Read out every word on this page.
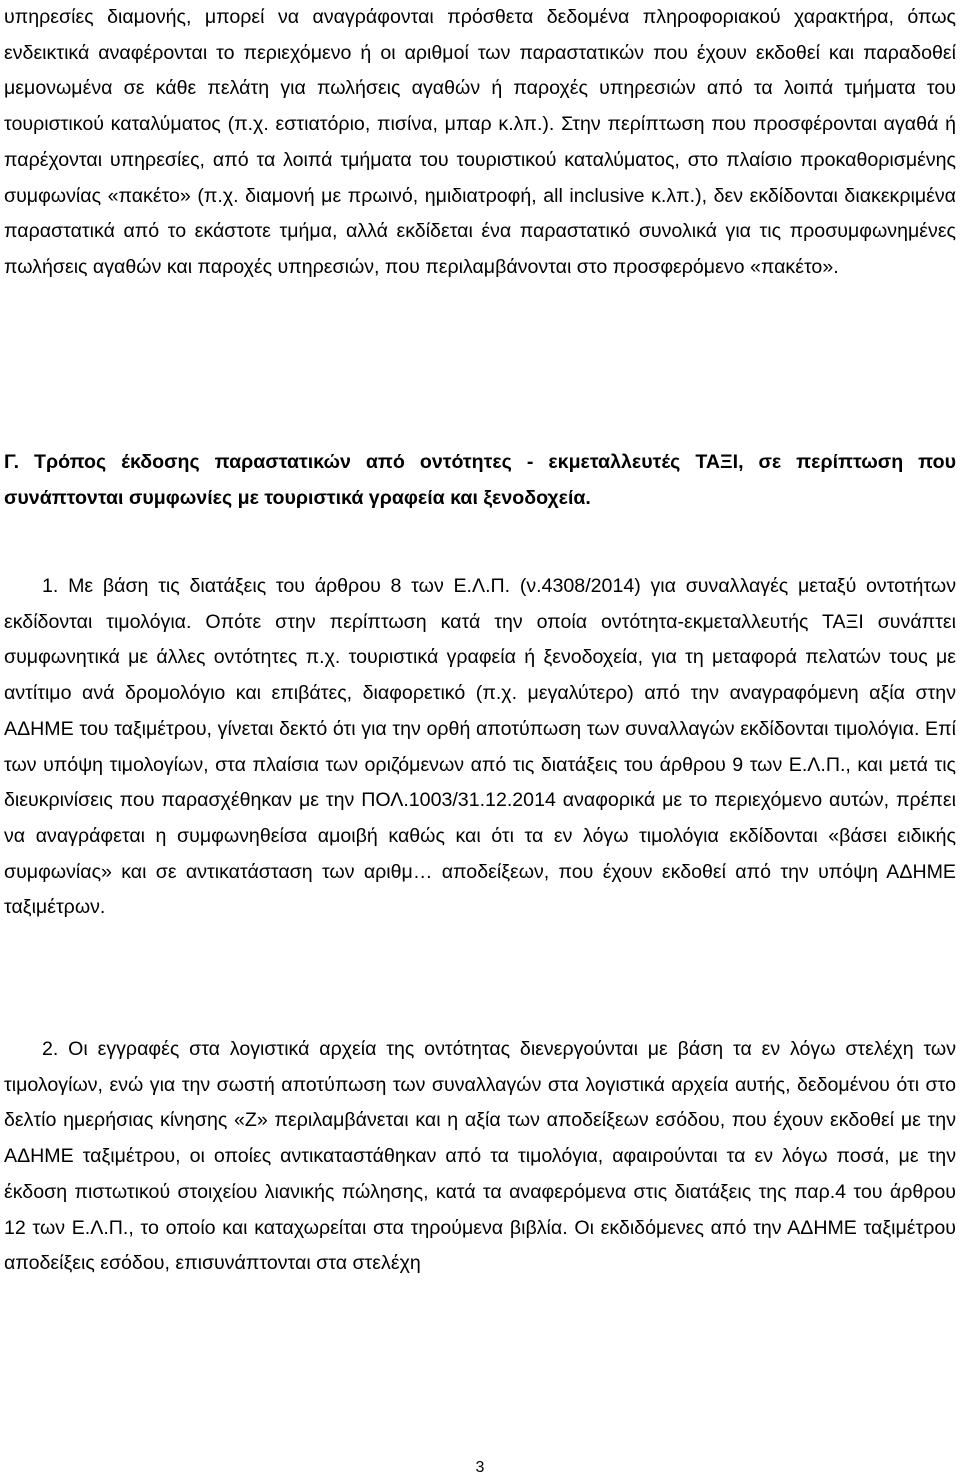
υπηρεσίες διαμονής, μπορεί να αναγράφονται πρόσθετα δεδομένα πληροφοριακού χαρακτήρα, όπως ενδεικτικά αναφέρονται το περιεχόμενο ή οι αριθμοί των παραστατικών που έχουν εκδοθεί και παραδοθεί μεμονωμένα σε κάθε πελάτη για πωλήσεις αγαθών ή παροχές υπηρεσιών από τα λοιπά τμήματα του τουριστικού καταλύματος (π.χ. εστιατόριο, πισίνα, μπαρ κ.λπ.). Στην περίπτωση που προσφέρονται αγαθά ή παρέχονται υπηρεσίες, από τα λοιπά τμήματα του τουριστικού καταλύματος, στο πλαίσιο προκαθορισμένης συμφωνίας «πακέτο» (π.χ. διαμονή με πρωινό, ημιδιατροφή, all inclusive κ.λπ.), δεν εκδίδονται διακεκριμένα παραστατικά από το εκάστοτε τμήμα, αλλά εκδίδεται ένα παραστατικό συνολικά για τις προσυμφωνημένες πωλήσεις αγαθών και παροχές υπηρεσιών, που περιλαμβάνονται στο προσφερόμενο «πακέτο».

Γ. Τρόπος έκδοσης παραστατικών από οντότητες - εκμεταλλευτές ΤΑΞΙ, σε περίπτωση που συνάπτονται συμφωνίες με τουριστικά γραφεία και ξενοδοχεία.

1. Με βάση τις διατάξεις του άρθρου 8 των Ε.Λ.Π. (ν.4308/2014) για συναλλαγές μεταξύ οντοτήτων εκδίδονται τιμολόγια. Οπότε στην περίπτωση κατά την οποία οντότητα-εκμεταλλευτής ΤΑΞΙ συνάπτει συμφωνητικά με άλλες οντότητες π.χ. τουριστικά γραφεία ή ξενοδοχεία, για τη μεταφορά πελατών τους με αντίτιμο ανά δρομολόγιο και επιβάτες, διαφορετικό (π.χ. μεγαλύτερο) από την αναγραφόμενη αξία στην ΑΔΗΜΕ του ταξιμέτρου, γίνεται δεκτό ότι για την ορθή αποτύπωση των συναλλαγών εκδίδονται τιμολόγια. Επί των υπόψη τιμολογίων, στα πλαίσια των οριζόμενων από τις διατάξεις του άρθρου 9 των Ε.Λ.Π., και μετά τις διευκρινίσεις που παρασχέθηκαν με την ΠΟΛ.1003/31.12.2014 αναφορικά με το περιεχόμενο αυτών, πρέπει να αναγράφεται η συμφωνηθείσα αμοιβή καθώς και ότι τα εν λόγω τιμολόγια εκδίδονται «βάσει ειδικής συμφωνίας» και σε αντικατάσταση των αριθμ… αποδείξεων, που έχουν εκδοθεί από την υπόψη ΑΔΗΜΕ ταξιμέτρων.

2. Οι εγγραφές στα λογιστικά αρχεία της οντότητας διενεργούνται με βάση τα εν λόγω στελέχη των τιμολογίων, ενώ για την σωστή αποτύπωση των συναλλαγών στα λογιστικά αρχεία αυτής, δεδομένου ότι στο δελτίο ημερήσιας κίνησης «Ζ» περιλαμβάνεται και η αξία των αποδείξεων εσόδου, που έχουν εκδοθεί με την ΑΔΗΜΕ ταξιμέτρου, οι οποίες αντικαταστάθηκαν από τα τιμολόγια, αφαιρούνται τα εν λόγω ποσά, με την έκδοση πιστωτικού στοιχείου λιανικής πώλησης, κατά τα αναφερόμενα στις διατάξεις της παρ.4 του άρθρου 12 των Ε.Λ.Π., το οποίο και καταχωρείται στα τηρούμενα βιβλία. Οι εκδιδόμενες από την ΑΔΗΜΕ ταξιμέτρου αποδείξεις εσόδου, επισυνάπτονται στα στελέχη

3
